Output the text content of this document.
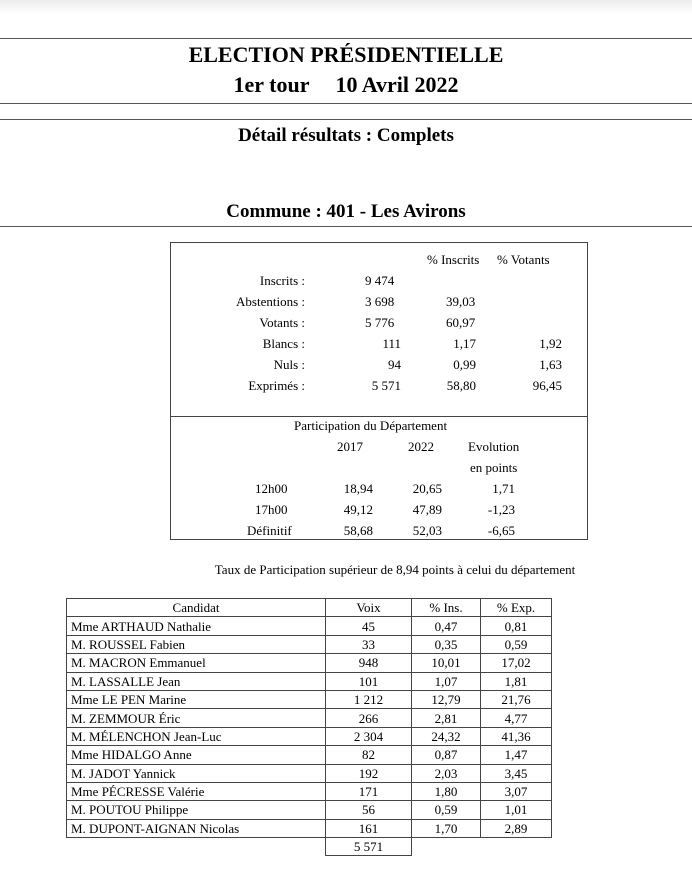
ELECTION PRÉSIDENTIELLE
1er tour 10 Avril 2022
Détail résultats : Complets
Commune : 401 - Les Avirons
% Inscrits % Votants
Inscrits :	9 474
Abstentions :	3 698	39,03
Votants :	5 776	60,97
Blancs :	111	1,17	1,92
Nuls :	94	0,99	1,63
Exprimés :	5 571	58,80	96,45
Participation du Département
2017	2022	Evolution
en points
12h00	18,94	20,65	1,71
17h00	49,12	47,89	-1,23
Définitif	58,68	52,03	-6,65
Taux de Participation supérieur de 8,94 points à celui du département
Candidat	Voix	% Ins.	% Exp.
Mme ARTHAUD Nathalie	45	0,47	0,81
M. ROUSSEL Fabien	33	0,35	0,59
M. MACRON Emmanuel	948	10,01	17,02
M. LASSALLE Jean	101	1,07	1,81
Mme LE PEN Marine	1 212	12,79	21,76
M. ZEMMOUR Éric	266	2,81	4,77
M. MÉLENCHON Jean-Luc	2 304	24,32	41,36
Mme HIDALGO Anne	82	0,87	1,47
M. JADOT Yannick	192	2,03	3,45
Mme PÉCRESSE Valérie	171	1,80	3,07
M. POUTOU Philippe	56	0,59	1,01
M. DUPONT-AIGNAN Nicolas	161	1,70	2,89
	5 571		
